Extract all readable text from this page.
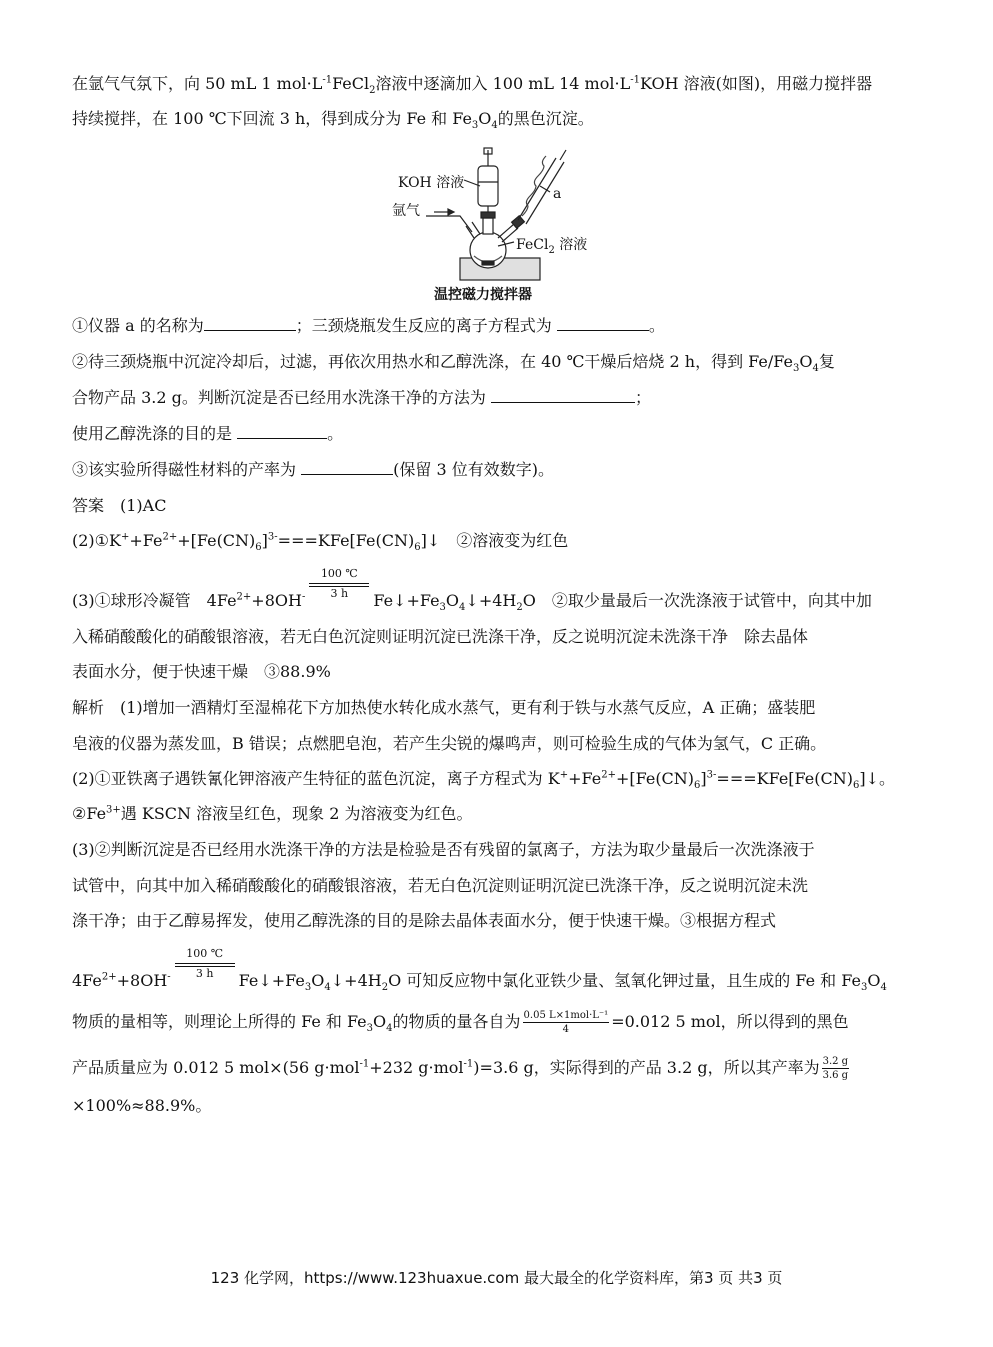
在氩气气氛下，向 50 mL 1 $mol\cdot L^{-1}FeCl_2$溶液中逐滴加入 100 mL 14 $mol\cdot L^{-1}KOH$ 溶液(如图)，用磁力搅拌器
持续搅拌，在 100 ℃下回流 3 h，得到成分为 Fe 和 $Fe_3O_4$的黑色沉淀。
KOH 溶液
氩气
a
FeCl$_2$ 溶液
温控磁力搅拌器
①仪器 a 的名称为	；三颈烧瓶发生反应的离子方程式为	。
②待三颈烧瓶中沉淀冷却后，过滤，再依次用热水和乙醇洗涤，在 40 ℃干燥后焙烧 2 h，得到 $Fe/Fe_3O_4$复
合物产品 3.2 g。判断沉淀是否已经用水洗涤干净的方法为	；
使用乙醇洗涤的目的是	。
③该实验所得磁性材料的产率为	(保留 3 位有效数字)。
答案　(1)AC
$(2)①K^++Fe^{2+}+[Fe(CN)_6]^{3-}===KFe[Fe(CN)_6]↓$　②溶液变为红色
(3)①球形冷凝管　$4Fe^{2+}+8OH^- \frac{100 ℃}{3 h}$ $Fe↓+Fe_3O_4↓+4H_2O$　②取少量最后一次洗涤液于试管中，向其中加
入稀硝酸酸化的硝酸银溶液，若无白色沉淀则证明沉淀已洗涤干净，反之说明沉淀未洗涤干净　除去晶体
表面水分，便于快速干燥　③88.9%
解析　(1)增加一酒精灯至湿棉花下方加热使水转化成水蒸气，更有利于铁与水蒸气反应，A 正确；盛装肥
皂液的仪器为蒸发皿，B 错误；点燃肥皂泡，若产生尖锐的爆鸣声，则可检验生成的气体为氢气，C 正确。
(2)①亚铁离子遇铁氰化钾溶液产生特征的蓝色沉淀，离子方程式为 $K^++Fe^{2+}+[Fe(CN)_6]^{3-}===KFe[Fe(CN)_6]↓$。
$②Fe^{3+}$遇 KSCN 溶液呈红色，现象 2 为溶液变为红色。
(3)②判断沉淀是否已经用水洗涤干净的方法是检验是否有残留的氯离子，方法为取少量最后一次洗涤液于
试管中，向其中加入稀硝酸酸化的硝酸银溶液，若无白色沉淀则证明沉淀已洗涤干净，反之说明沉淀未洗
涤干净；由于乙醇易挥发，使用乙醇洗涤的目的是除去晶体表面水分，便于快速干燥。③根据方程式
$4Fe^{2+}+8OH^- \frac{100 ℃}{3 h}$ $Fe↓+Fe_3O_4↓+4H_2O$ 可知反应物中氯化亚铁少量、氢氧化钾过量，且生成的 Fe 和 $Fe_3O_4$
物质的量相等，则理论上所得的 Fe 和 $Fe_3O_4$的物质的量各自为 $\frac{\text{0.05 L×1mol·L⁻¹}}{4} =0.012$ 5 mol，所以得到的黑色
产品质量应为 0.012 5 mol×(56 g·mol$^{-1}$+232 g·mol$^{-1}$)=3.6 g，实际得到的产品 3.2 g，所以其产率为 $\frac{3.2 g}{3.6 g}$
×100%≈88.9%。
123 化学网，https://www.123huaxue.com 最大最全的化学资料库，第3 页 共3 页
